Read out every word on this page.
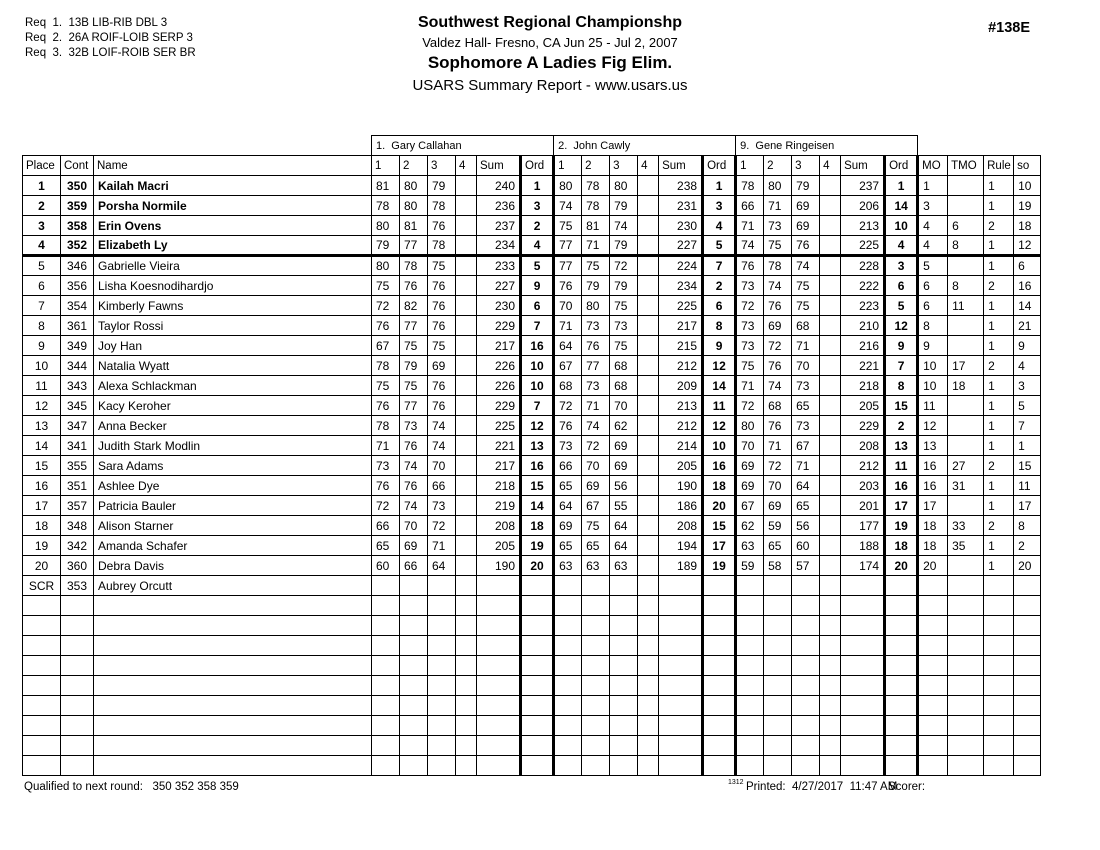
Req  1.  13B LIB-RIB DBL 3
Req  2.  26A ROIF-LOIB SERP 3
Req  3.  32B LOIF-ROIB SER BR
Southwest Regional Championshp
Valdez Hall- Fresno, CA Jun 25 - Jul 2, 2007
Sophomore A Ladies Fig Elim.
USARS Summary Report - www.usars.us
#138E
			1.  Gary Callahan						2.  John Cawly						9.  Gene Ringeisen									
Place	Cont	Name	1	2	3	4	Sum	Ord	1	2	3	4	Sum	Ord	1	2	3	4	Sum	Ord	MO	TMO	Rule	so
1	350	Kailah Macri	81	80	79		240	1	80	78	80		238	1	78	80	79		237	1	1		1	10
2	359	Porsha Normile	78	80	78		236	3	74	78	79		231	3	66	71	69		206	14	3		1	19
3	358	Erin Ovens	80	81	76		237	2	75	81	74		230	4	71	73	69		213	10	4	6	2	18
4	352	Elizabeth Ly	79	77	78		234	4	77	71	79		227	5	74	75	76		225	4	4	8	1	12
5	346	Gabrielle Vieira	80	78	75		233	5	77	75	72		224	7	76	78	74		228	3	5		1	6
6	356	Lisha Koesnodihardjo	75	76	76		227	9	76	79	79		234	2	73	74	75		222	6	6	8	2	16
7	354	Kimberly Fawns	72	82	76		230	6	70	80	75		225	6	72	76	75		223	5	6	11	1	14
8	361	Taylor Rossi	76	77	76		229	7	71	73	73		217	8	73	69	68		210	12	8		1	21
9	349	Joy Han	67	75	75		217	16	64	76	75		215	9	73	72	71		216	9	9		1	9
10	344	Natalia Wyatt	78	79	69		226	10	67	77	68		212	12	75	76	70		221	7	10	17	2	4
11	343	Alexa Schlackman	75	75	76		226	10	68	73	68		209	14	71	74	73		218	8	10	18	1	3
12	345	Kacy Keroher	76	77	76		229	7	72	71	70		213	11	72	68	65		205	15	11		1	5
13	347	Anna Becker	78	73	74		225	12	76	74	62		212	12	80	76	73		229	2	12		1	7
14	341	Judith Stark Modlin	71	76	74		221	13	73	72	69		214	10	70	71	67		208	13	13		1	1
15	355	Sara Adams	73	74	70		217	16	66	70	69		205	16	69	72	71		212	11	16	27	2	15
16	351	Ashlee Dye	76	76	66		218	15	65	69	56		190	18	69	70	64		203	16	16	31	1	11
17	357	Patricia Bauler	72	74	73		219	14	64	67	55		186	20	67	69	65		201	17	17		1	17
18	348	Alison Starner	66	70	72		208	18	69	75	64		208	15	62	59	56		177	19	18	33	2	8
19	342	Amanda Schafer	65	69	71		205	19	65	65	64		194	17	63	65	60		188	18	18	35	1	2
20	360	Debra Davis	60	66	64		190	20	63	63	63		189	19	59	58	57		174	20	20		1	20
SCR	353	Aubrey Orcutt																						

Qualified to next round:   350 352 358 359	1312 Printed:  4/27/2017  11:47 AM
Scorer:
